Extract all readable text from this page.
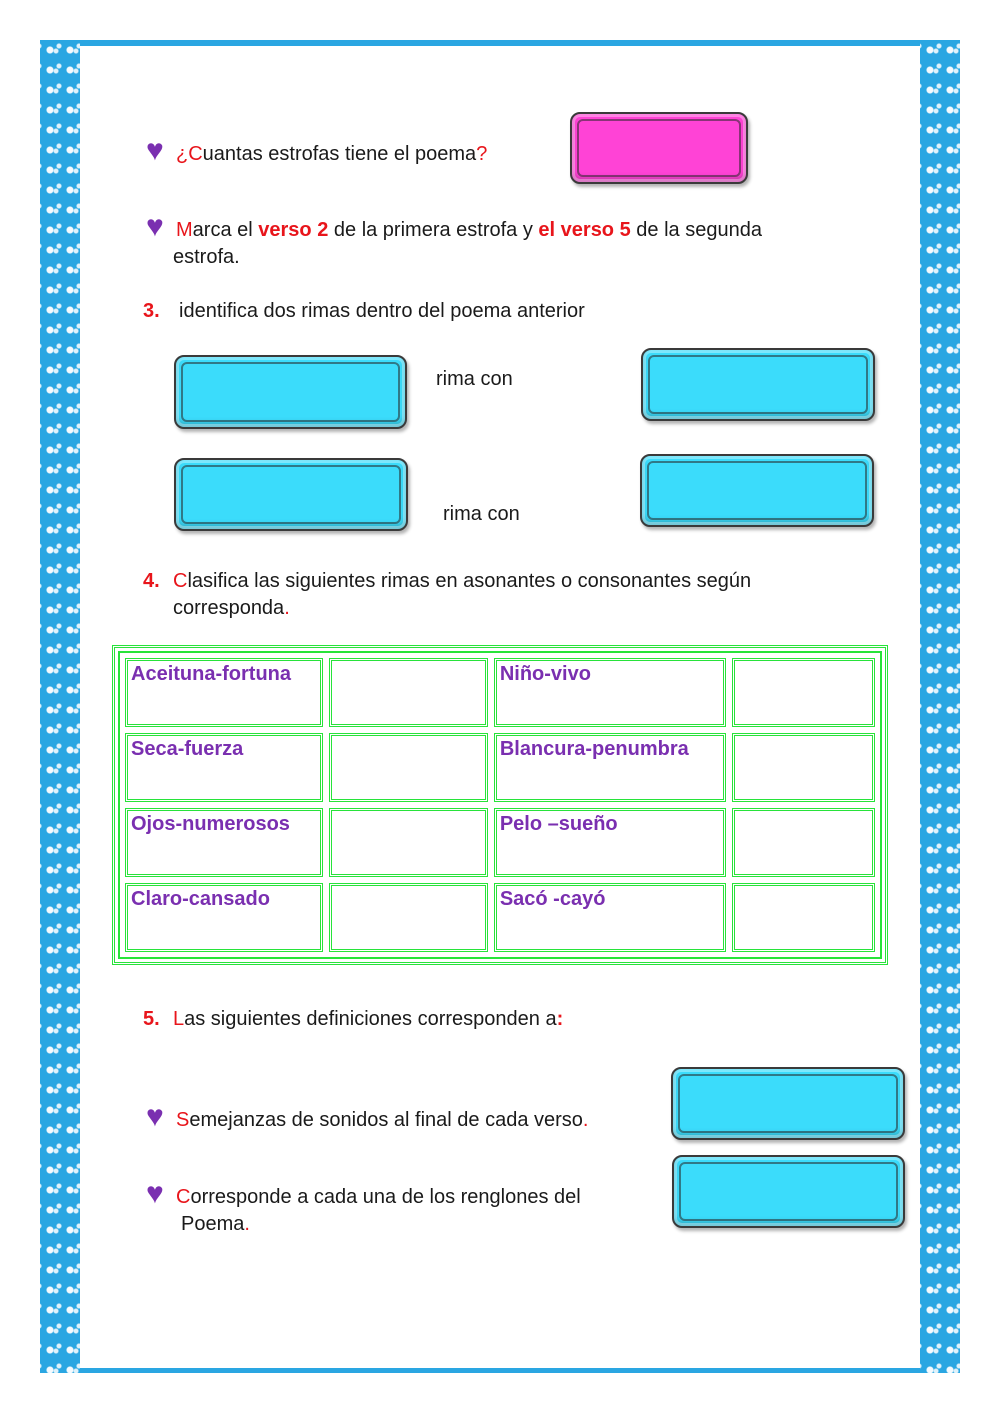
♥ ¿Cuantas estrofas tiene el poema?
♥ Marca el verso 2 de la primera estrofa y el verso 5 de la segunda
estrofa.
3. identifica dos rimas dentro del poema anterior
rima con
rima con
4. Clasifica las siguientes rimas en asonantes o consonantes según
corresponda.
Aceituna-fortuna		Niño-vivo	
Seca-fuerza		Blancura-penumbra	
Ojos-numerosos		Pelo –sueño	
Claro-cansado		Sacó -cayó	
5. Las siguientes definiciones corresponden a:
♥ Semejanzas de sonidos al final de cada verso.
♥ Corresponde a cada una de los renglones del
Poema.
